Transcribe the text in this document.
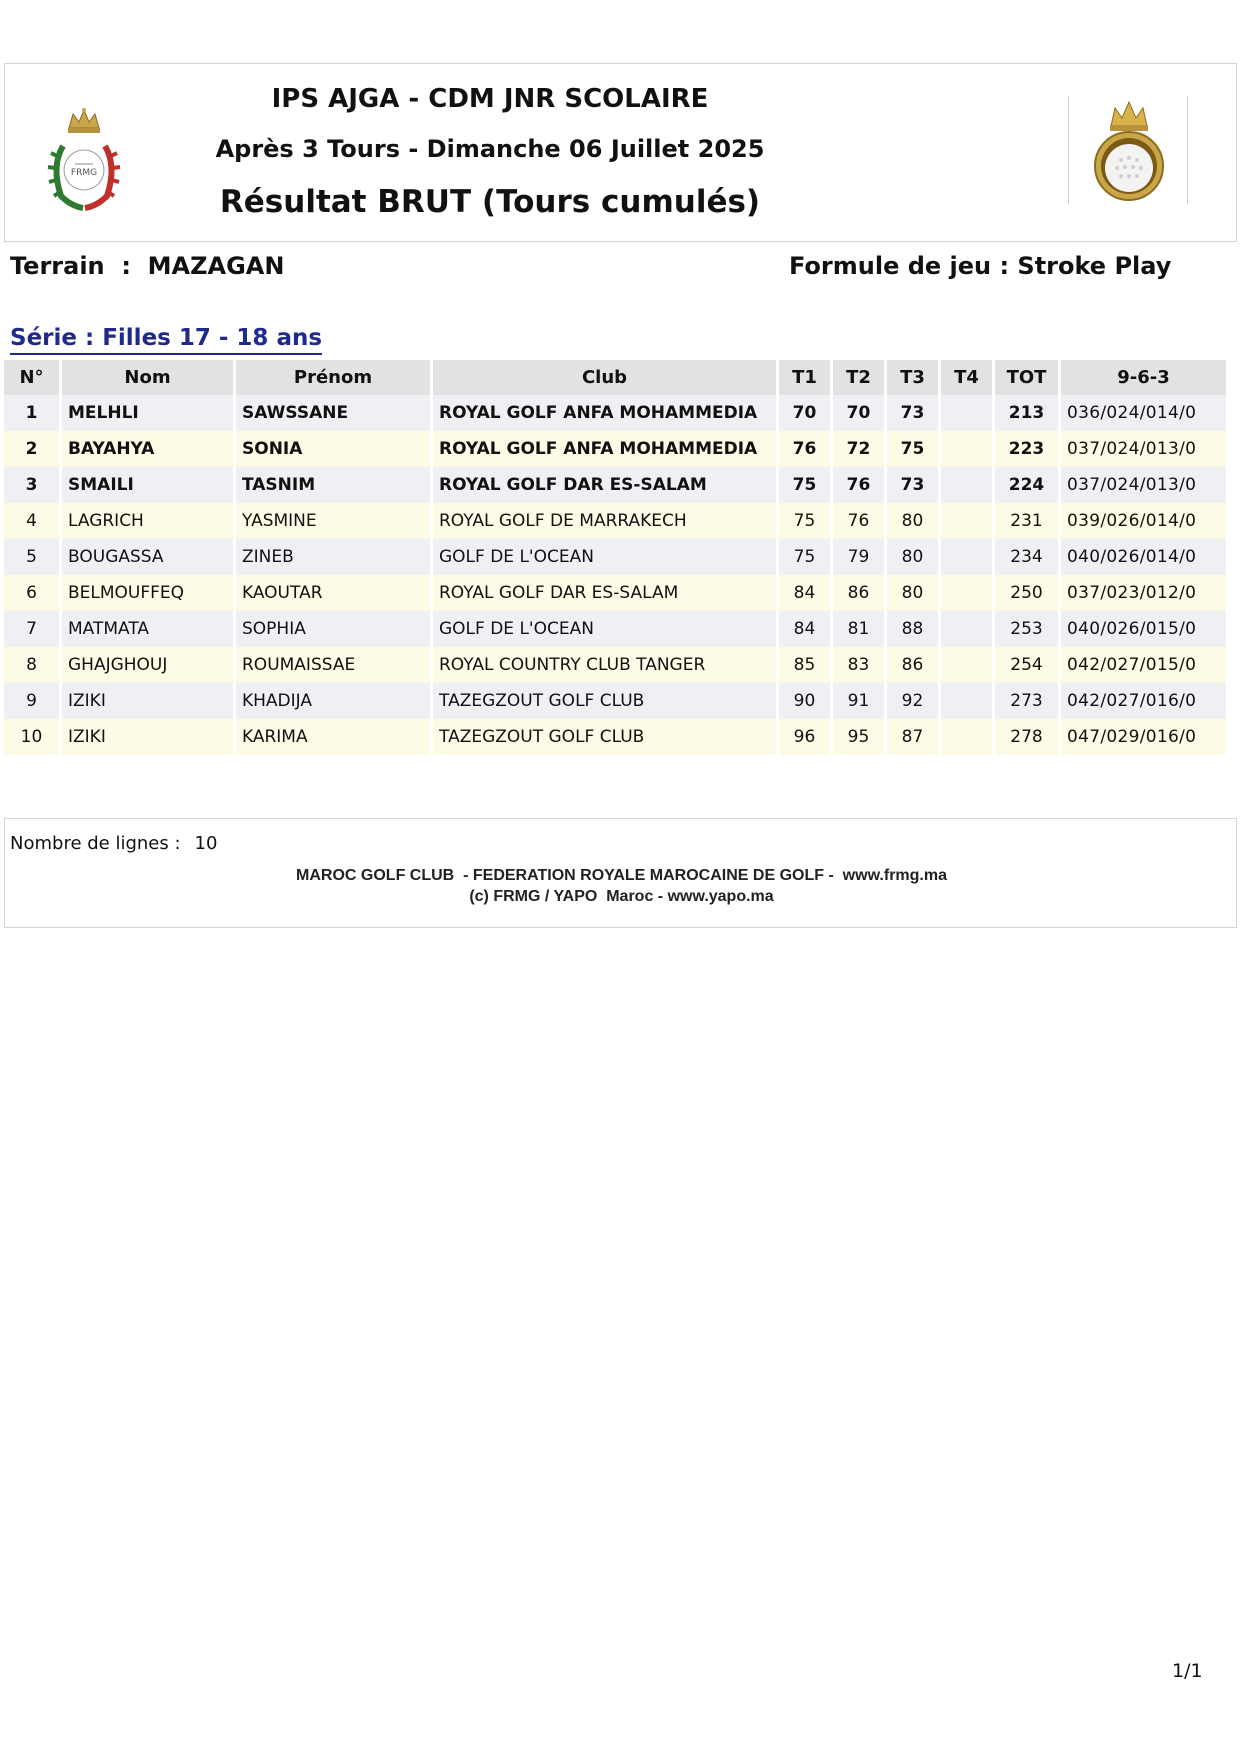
FRMG
IPS AJGA - CDM JNR SCOLAIRE
Après 3 Tours - Dimanche 06 Juillet 2025
Résultat BRUT (Tours cumulés)
Terrain  :  MAZAGAN	Formule de jeu : Stroke Play
Série : Filles 17 - 18 ans
N°	Nom	Prénom	Club	T1	T2	T3	T4	TOT	9-6-3
1	MELHLI	SAWSSANE	ROYAL GOLF ANFA MOHAMMEDIA	70	70	73		213	036/024/014/0
2	BAYAHYA	SONIA	ROYAL GOLF ANFA MOHAMMEDIA	76	72	75		223	037/024/013/0
3	SMAILI	TASNIM	ROYAL GOLF DAR ES-SALAM	75	76	73		224	037/024/013/0
4	LAGRICH	YASMINE	ROYAL GOLF DE MARRAKECH	75	76	80		231	039/026/014/0
5	BOUGASSA	ZINEB	GOLF DE L'OCEAN	75	79	80		234	040/026/014/0
6	BELMOUFFEQ	KAOUTAR	ROYAL GOLF DAR ES-SALAM	84	86	80		250	037/023/012/0
7	MATMATA	SOPHIA	GOLF DE L'OCEAN	84	81	88		253	040/026/015/0
8	GHAJGHOUJ	ROUMAISSAE	ROYAL COUNTRY CLUB TANGER	85	83	86		254	042/027/015/0
9	IZIKI	KHADIJA	TAZEGZOUT GOLF CLUB	90	91	92		273	042/027/016/0
10	IZIKI	KARIMA	TAZEGZOUT GOLF CLUB	96	95	87		278	047/029/016/0
Nombre de lignes : 10
MAROC GOLF CLUB  - FEDERATION ROYALE MAROCAINE DE GOLF -  www.frmg.ma
(c) FRMG / YAPO  Maroc - www.yapo.ma
1/1
